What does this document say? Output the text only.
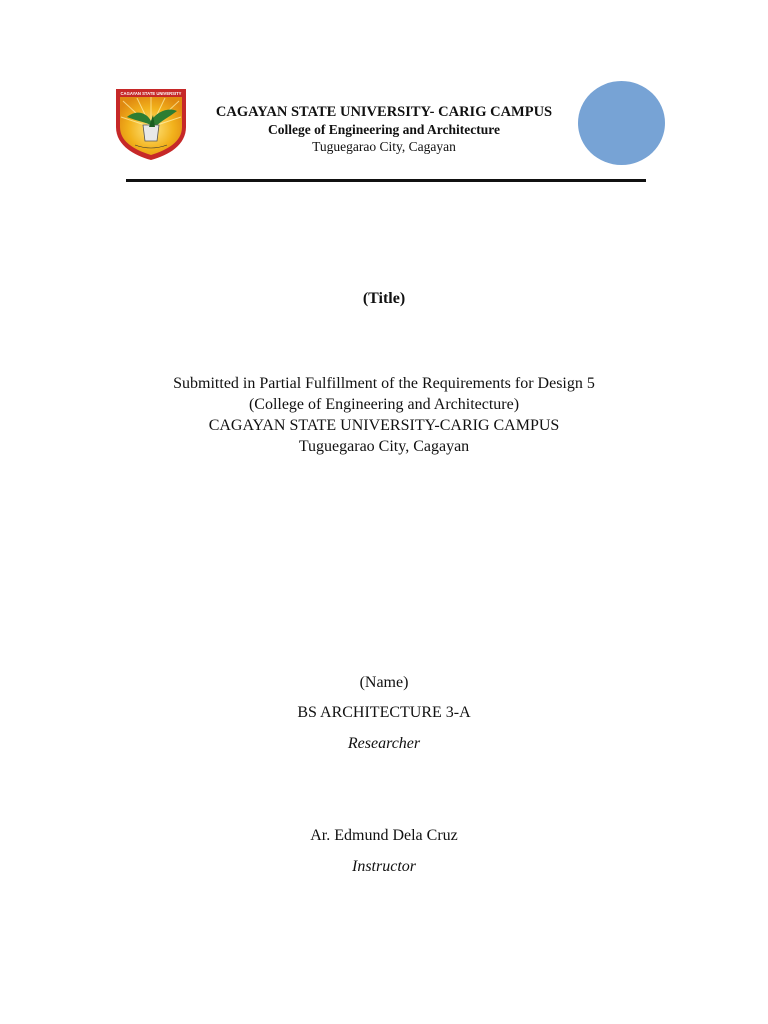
CAGAYAN STATE UNIVERSITY
CAGAYAN STATE UNIVERSITY- CARIG CAMPUS
College of Engineering and Architecture
Tuguegarao City, Cagayan
(Title)
Submitted in Partial Fulfillment of the Requirements for Design 5
(College of Engineering and Architecture)
CAGAYAN STATE UNIVERSITY-CARIG CAMPUS
Tuguegarao City, Cagayan
(Name)
BS ARCHITECTURE 3-A
Researcher
Ar. Edmund Dela Cruz
Instructor
